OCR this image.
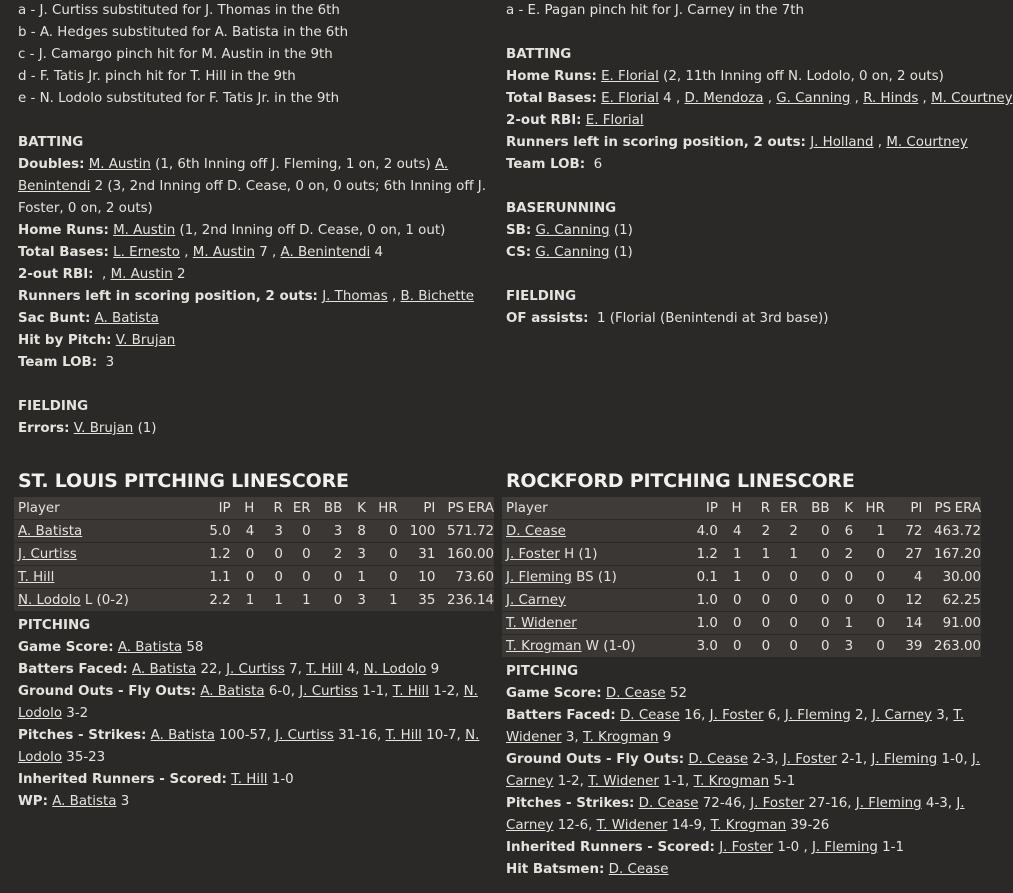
a - J. Curtiss substituted for J. Thomas in the 6th
b - A. Hedges substituted for A. Batista in the 6th
c - J. Camargo pinch hit for M. Austin in the 9th
d - F. Tatis Jr. pinch hit for T. Hill in the 9th
e - N. Lodolo substituted for F. Tatis Jr. in the 9th
BATTING
Doubles: M. Austin (1, 6th Inning off J. Fleming, 1 on, 2 outs) A. Benintendi 2 (3, 2nd Inning off D. Cease, 0 on, 0 outs; 6th Inning off J. Foster, 0 on, 2 outs)
Home Runs: M. Austin (1, 2nd Inning off D. Cease, 0 on, 1 out)
Total Bases: L. Ernesto , M. Austin 7 , A. Benintendi 4
2-out RBI:  , M. Austin 2
Runners left in scoring position, 2 outs: J. Thomas , B. Bichette
Sac Bunt: A. Batista
Hit by Pitch: V. Brujan
Team LOB: 3
FIELDING
Errors: V. Brujan (1)
a - E. Pagan pinch hit for J. Carney in the 7th
BATTING
Home Runs: E. Florial (2, 11th Inning off N. Lodolo, 0 on, 2 outs)
Total Bases: E. Florial 4 , D. Mendoza , G. Canning , R. Hinds , M. Courtney
2-out RBI: E. Florial
Runners left in scoring position, 2 outs: J. Holland , M. Courtney
Team LOB: 6
BASERUNNING
SB: G. Canning (1)
CS: G. Canning (1)
FIELDING
OF assists: 1 (Florial (Benintendi at 3rd base))
ST. LOUIS PITCHING LINESCORE	ROCKFORD PITCHING LINESCORE
Player	IP	H	R	ER	BB	K	HR	PI	PS	ERA
A. Batista	5.0	4	3	0	3	8	0	100	57	1.72
J. Curtiss	1.2	0	0	0	2	3	0	31	16	0.00
T. Hill	1.1	0	0	0	0	1	0	10	7	3.60
N. Lodolo L (0-2)	2.2	1	1	1	0	3	1	35	23	6.14
Player	IP	H	R	ER	BB	K	HR	PI	PS	ERA
D. Cease	4.0	4	2	2	0	6	1	72	46	3.72
J. Foster H (1)	1.2	1	1	1	0	2	0	27	16	7.20
J. Fleming BS (1)	0.1	1	0	0	0	0	0	4	3	0.00
J. Carney	1.0	0	0	0	0	0	0	12	6	2.25
T. Widener	1.0	0	0	0	0	1	0	14	9	1.00
T. Krogman W (1-0)	3.0	0	0	0	0	3	0	39	26	3.00
PITCHING
Game Score: A. Batista 58
Batters Faced: A. Batista 22, J. Curtiss 7, T. Hill 4, N. Lodolo 9
Ground Outs - Fly Outs: A. Batista 6-0, J. Curtiss 1-1, T. Hill 1-2, N. Lodolo 3-2
Pitches - Strikes: A. Batista 100-57, J. Curtiss 31-16, T. Hill 10-7, N. Lodolo 35-23
Inherited Runners - Scored: T. Hill 1-0
WP: A. Batista 3
PITCHING
Game Score: D. Cease 52
Batters Faced: D. Cease 16, J. Foster 6, J. Fleming 2, J. Carney 3, T. Widener 3, T. Krogman 9
Ground Outs - Fly Outs: D. Cease 2-3, J. Foster 2-1, J. Fleming 1-0, J. Carney 1-2, T. Widener 1-1, T. Krogman 5-1
Pitches - Strikes: D. Cease 72-46, J. Foster 27-16, J. Fleming 4-3, J. Carney 12-6, T. Widener 14-9, T. Krogman 39-26
Inherited Runners - Scored: J. Foster 1-0 , J. Fleming 1-1
Hit Batsmen: D. Cease
